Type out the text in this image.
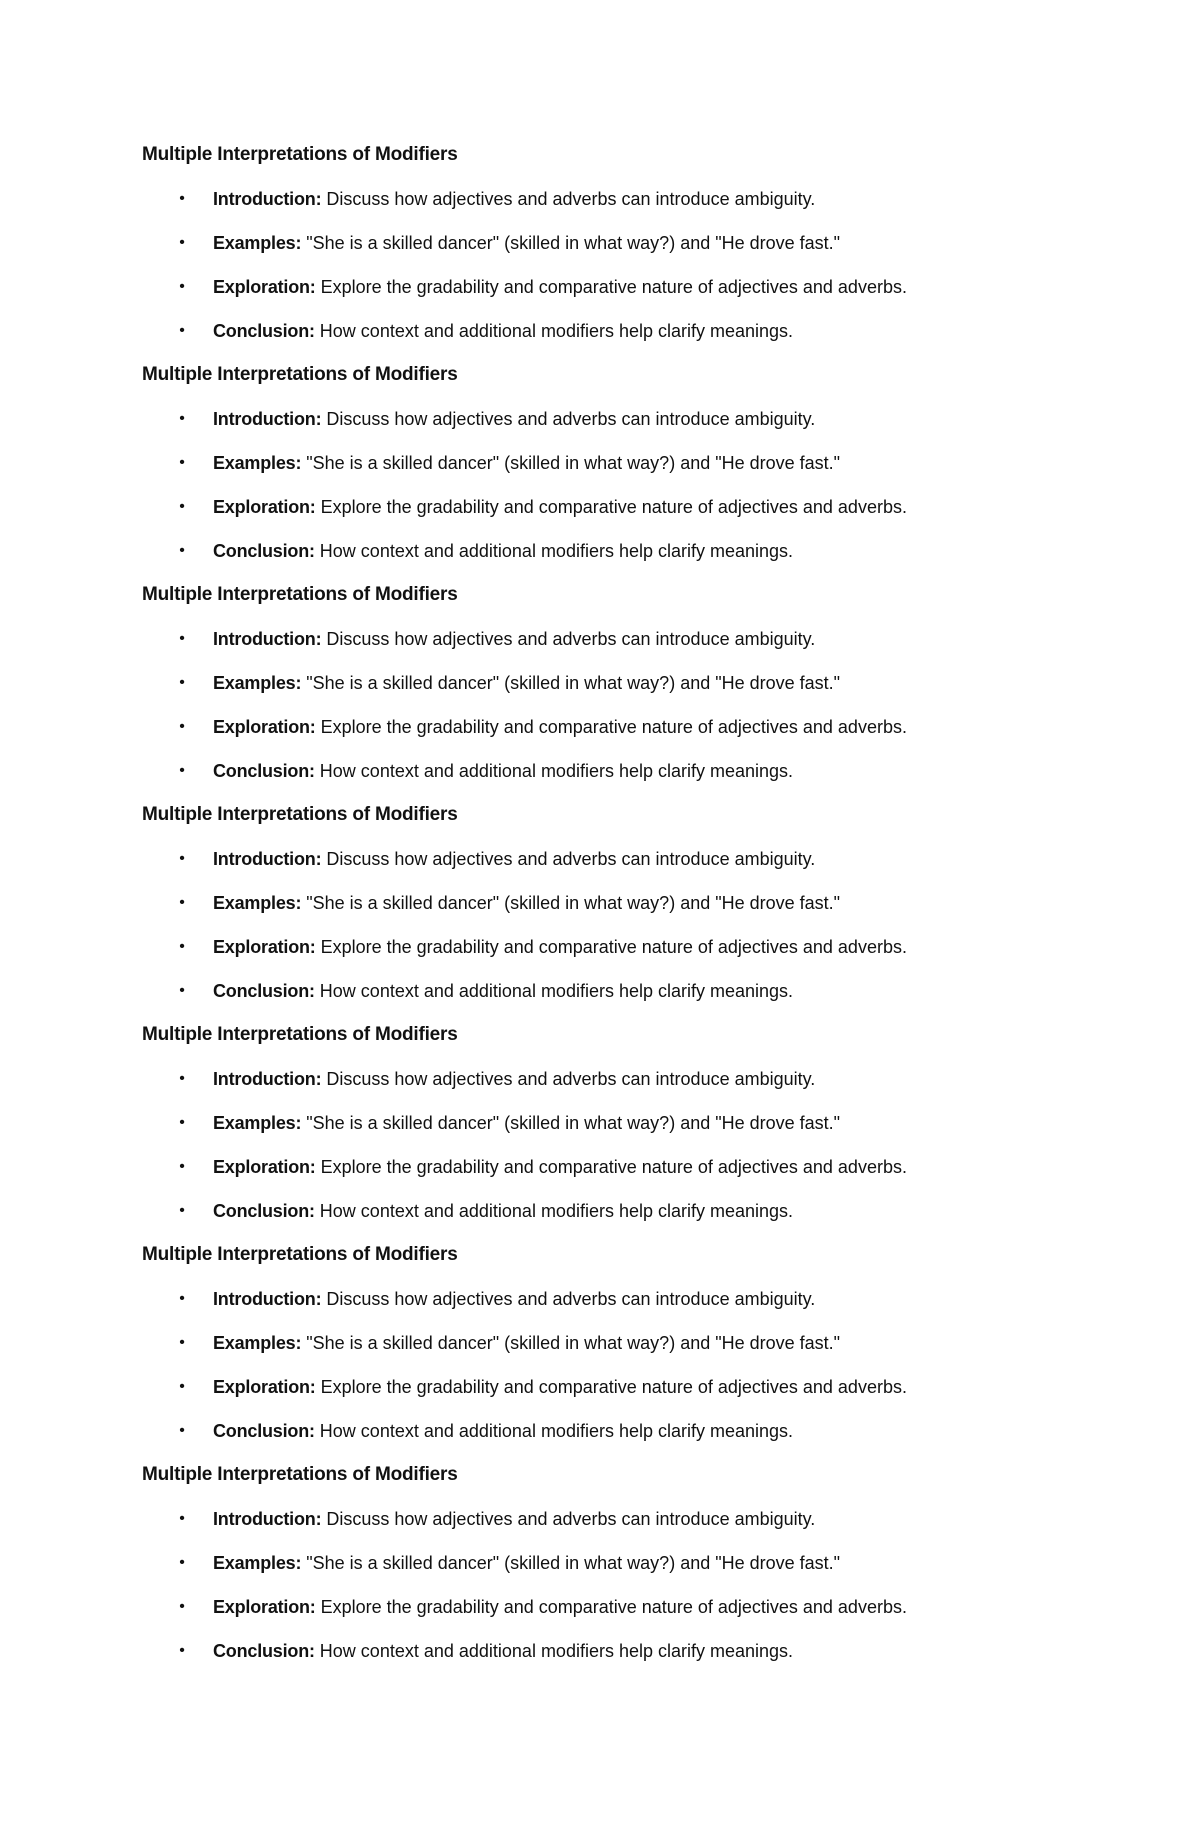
Multiple Interpretations of Modifiers
• Introduction: Discuss how adjectives and adverbs can introduce ambiguity.
• Examples: "She is a skilled dancer" (skilled in what way?) and "He drove fast."
• Exploration: Explore the gradability and comparative nature of adjectives and adverbs.
• Conclusion: How context and additional modifiers help clarify meanings.
Multiple Interpretations of Modifiers
• Introduction: Discuss how adjectives and adverbs can introduce ambiguity.
• Examples: "She is a skilled dancer" (skilled in what way?) and "He drove fast."
• Exploration: Explore the gradability and comparative nature of adjectives and adverbs.
• Conclusion: How context and additional modifiers help clarify meanings.
Multiple Interpretations of Modifiers
• Introduction: Discuss how adjectives and adverbs can introduce ambiguity.
• Examples: "She is a skilled dancer" (skilled in what way?) and "He drove fast."
• Exploration: Explore the gradability and comparative nature of adjectives and adverbs.
• Conclusion: How context and additional modifiers help clarify meanings.
Multiple Interpretations of Modifiers
• Introduction: Discuss how adjectives and adverbs can introduce ambiguity.
• Examples: "She is a skilled dancer" (skilled in what way?) and "He drove fast."
• Exploration: Explore the gradability and comparative nature of adjectives and adverbs.
• Conclusion: How context and additional modifiers help clarify meanings.
Multiple Interpretations of Modifiers
• Introduction: Discuss how adjectives and adverbs can introduce ambiguity.
• Examples: "She is a skilled dancer" (skilled in what way?) and "He drove fast."
• Exploration: Explore the gradability and comparative nature of adjectives and adverbs.
• Conclusion: How context and additional modifiers help clarify meanings.
Multiple Interpretations of Modifiers
• Introduction: Discuss how adjectives and adverbs can introduce ambiguity.
• Examples: "She is a skilled dancer" (skilled in what way?) and "He drove fast."
• Exploration: Explore the gradability and comparative nature of adjectives and adverbs.
• Conclusion: How context and additional modifiers help clarify meanings.
Multiple Interpretations of Modifiers
• Introduction: Discuss how adjectives and adverbs can introduce ambiguity.
• Examples: "She is a skilled dancer" (skilled in what way?) and "He drove fast."
• Exploration: Explore the gradability and comparative nature of adjectives and adverbs.
• Conclusion: How context and additional modifiers help clarify meanings.
